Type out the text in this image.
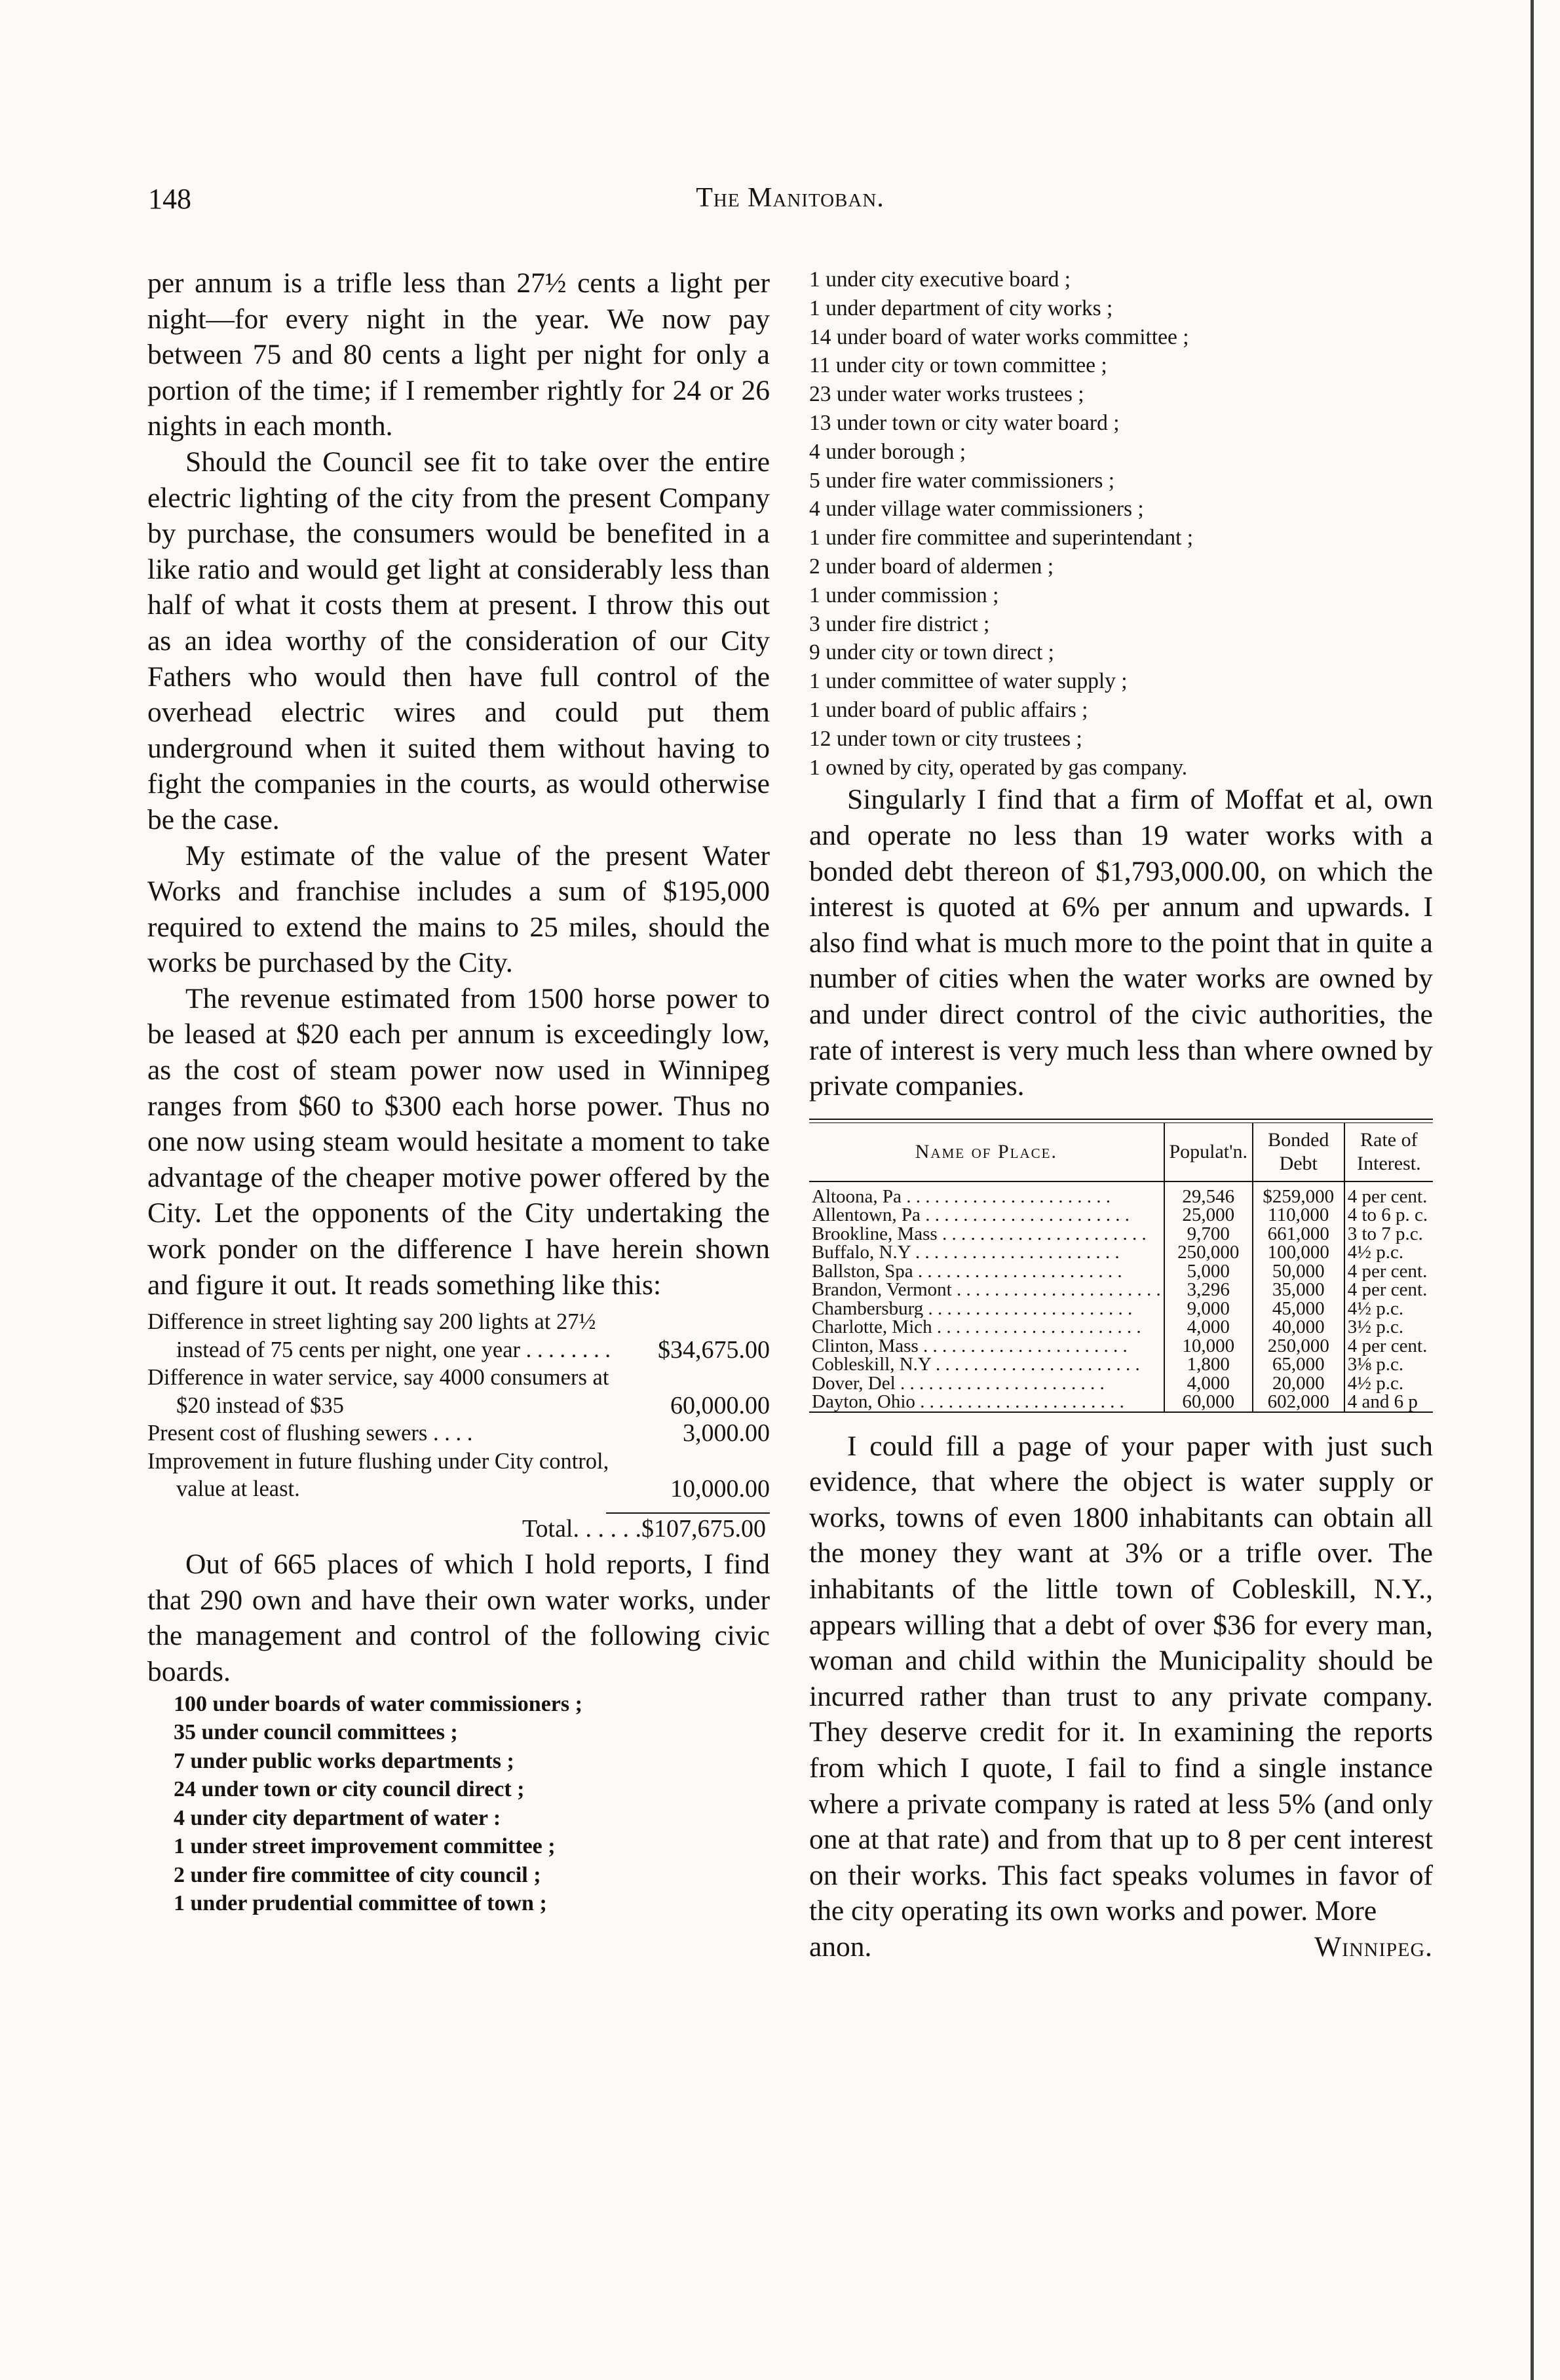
148	The Manitoban.

per annum is a trifle less than 27½ cents a light per night—for every night in the year. We now pay between 75 and 80 cents a light per night for only a portion of the time; if I remember rightly for 24 or 26 nights in each month.

Should the Council see fit to take over the entire electric lighting of the city from the present Company by purchase, the consumers would be benefited in a like ratio and would get light at considerably less than half of what it costs them at present. I throw this out as an idea worthy of the consideration of our City Fathers who would then have full control of the overhead electric wires and could put them underground when it suited them without having to fight the companies in the courts, as would otherwise be the case.

My estimate of the value of the present Water Works and franchise includes a sum of $195,000 required to extend the mains to 25 miles, should the works be purchased by the City.

The revenue estimated from 1500 horse power to be leased at $20 each per annum is exceedingly low, as the cost of steam power now used in Winnipeg ranges from $60 to $300 each horse power. Thus no one now using steam would hesitate a moment to take advantage of the cheaper motive power offered by the City. Let the opponents of the City undertaking the work ponder on the difference I have herein shown and figure it out. It reads something like this:

Difference in street lighting say 200 lights at 27½ instead of 75 cents per night, one year . . . . . . . .	$34,675.00
Difference in water service, say 4000 consumers at $20 instead of $35	60,000.00
Present cost of flushing sewers . . . .	3,000.00
Improvement in future flushing under City control, value at least.	10,000.00
Total. . . . . .$107,675.00

Out of 665 places of which I hold reports, I find that 290 own and have their own water works, under the management and control of the following civic boards.

100 under boards of water commissioners ;
35 under council committees ;
7 under public works departments ;
24 under town or city council direct ;
4 under city department of water :
1 under street improvement committee ;
2 under fire committee of city council ;
1 under prudential committee of town ;
1 under city executive board ;
1 under department of city works ;
14 under board of water works committee ;
11 under city or town committee ;
23 under water works trustees ;
13 under town or city water board ;
4 under borough ;
5 under fire water commissioners ;
4 under village water commissioners ;
1 under fire committee and superintendant ;
2 under board of aldermen ;
1 under commission ;
3 under fire district ;
9 under city or town direct ;
1 under committee of water supply ;
1 under board of public affairs ;
12 under town or city trustees ;
1 owned by city, operated by gas company.

Singularly I find that a firm of Moffat et al, own and operate no less than 19 water works with a bonded debt thereon of $1,793,000.00, on which the interest is quoted at 6% per annum and upwards. I also find what is much more to the point that in quite a number of cities when the water works are owned by and under direct control of the civic authorities, the rate of interest is very much less than where owned by private companies.

Name of Place.	Populat'n.	Bonded Debt	Rate of Interest.
Altoona, Pa . . .	29,546	$259,000	4 per cent.
Allentown, Pa . . .	25,000	110,000	4 to 6 p. c.
Brookline, Mass . . .	9,700	661,000	3 to 7 p.c.
Buffalo, N.Y . . .	250,000	100,000	4½ p.c.
Ballston, Spa . . .	5,000	50,000	4 per cent.
Brandon, Vermont . . .	3,296	35,000	4 per cent.
Chambersburg . . .	9,000	45,000	4½ p.c.
Charlotte, Mich . . .	4,000	40,000	3½ p.c.
Clinton, Mass . . .	10,000	250,000	4 per cent.
Cobleskill, N.Y . . .	1,800	65,000	3⅛ p.c.
Dover, Del . . .	4,000	20,000	4½ p.c.
Dayton, Ohio . . .	60,000	602,000	4 and 6 p

I could fill a page of your paper with just such evidence, that where the object is water supply or works, towns of even 1800 inhabitants can obtain all the money they want at 3% or a trifle over. The inhabitants of the little town of Cobleskill, N.Y., appears willing that a debt of over $36 for every man, woman and child within the Municipality should be incurred rather than trust to any private company. They deserve credit for it. In examining the reports from which I quote, I fail to find a single instance where a private company is rated at less 5% (and only one at that rate) and from that up to 8 per cent interest on their works. This fact speaks volumes in favor of the city operating its own works and power. More

anon.	Winnipeg.
